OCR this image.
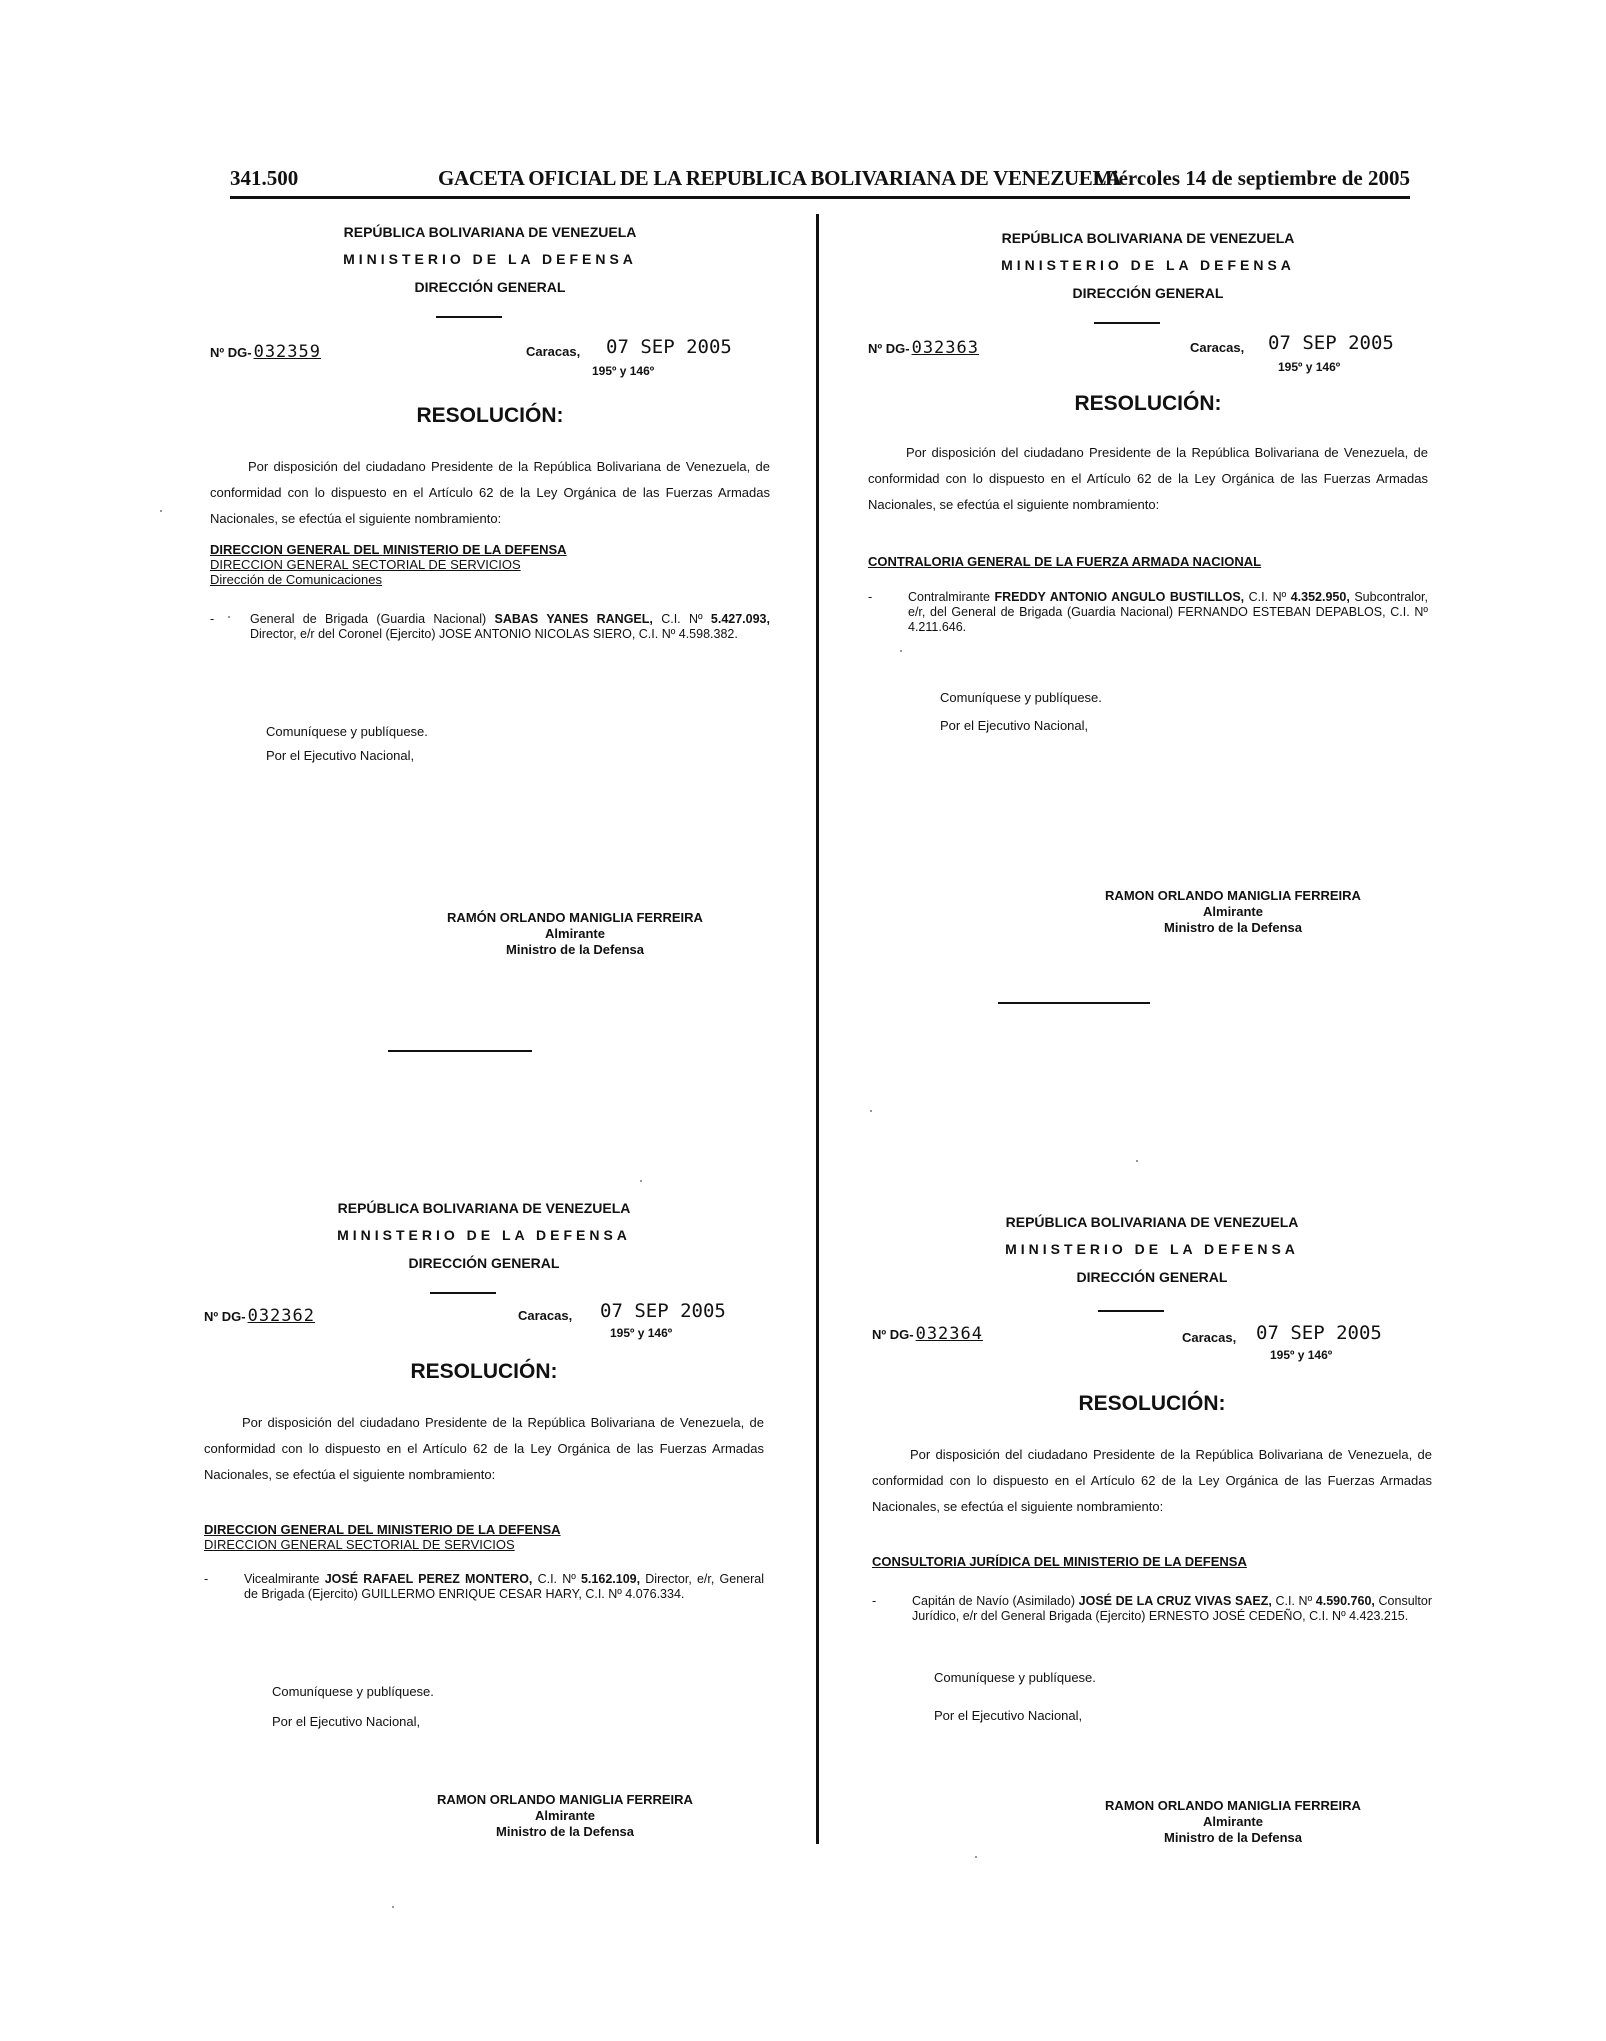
341.500	GACETA OFICIAL DE LA REPUBLICA BOLIVARIANA DE VENEZUELA
Miércoles 14 de septiembre de 2005
REPÚBLICA BOLIVARIANA DE VENEZUELA
MINISTERIO DE LA DEFENSA
DIRECCIÓN GENERAL
Nº DG- 032359	Caracas, 07 SEP 2005
195º y 146º
RESOLUCIÓN:
Por disposición del ciudadano Presidente de la República Bolivariana de Venezuela, de conformidad con lo dispuesto en el Artículo 62 de la Ley Orgánica de las Fuerzas Armadas Nacionales, se efectúa el siguiente nombramiento:
DIRECCION GENERAL DEL MINISTERIO DE LA DEFENSA
DIRECCION GENERAL SECTORIAL DE SERVICIOS
Dirección de Comunicaciones
-	General de Brigada (Guardia Nacional) SABAS YANES RANGEL, C.I. Nº 5.427.093, Director, e/r del Coronel (Ejercito) JOSE ANTONIO NICOLAS SIERO, C.I. Nº 4.598.382.
Comuníquese y publíquese.
Por el Ejecutivo Nacional,
RAMÓN ORLANDO MANIGLIA FERREIRA
Almirante
Ministro de la Defensa
REPÚBLICA BOLIVARIANA DE VENEZUELA
MINISTERIO DE LA DEFENSA
DIRECCIÓN GENERAL
Nº DG- 032363	Caracas, 07 SEP 2005
195º y 146º
RESOLUCIÓN:
Por disposición del ciudadano Presidente de la República Bolivariana de Venezuela, de conformidad con lo dispuesto en el Artículo 62 de la Ley Orgánica de las Fuerzas Armadas Nacionales, se efectúa el siguiente nombramiento:
CONTRALORIA GENERAL DE LA FUERZA ARMADA NACIONAL
-	Contralmirante FREDDY ANTONIO ANGULO BUSTILLOS, C.I. Nº 4.352.950, Subcontralor, e/r, del General de Brigada (Guardia Nacional) FERNANDO ESTEBAN DEPABLOS, C.I. Nº 4.211.646.
Comuníquese y publíquese.
Por el Ejecutivo Nacional,
RAMON ORLANDO MANIGLIA FERREIRA
Almirante
Ministro de la Defensa
REPÚBLICA BOLIVARIANA DE VENEZUELA
MINISTERIO DE LA DEFENSA
DIRECCIÓN GENERAL
Nº DG- 032362	Caracas, 07 SEP 2005
195º y 146º
RESOLUCIÓN:
Por disposición del ciudadano Presidente de la República Bolivariana de Venezuela, de conformidad con lo dispuesto en el Artículo 62 de la Ley Orgánica de las Fuerzas Armadas Nacionales, se efectúa el siguiente nombramiento:
DIRECCION GENERAL DEL MINISTERIO DE LA DEFENSA
DIRECCION GENERAL SECTORIAL DE SERVICIOS
-	Vicealmirante JOSÉ RAFAEL PEREZ MONTERO, C.I. Nº 5.162.109, Director, e/r, General de Brigada (Ejercito) GUILLERMO ENRIQUE CESAR HARY, C.I. Nº 4.076.334.
Comuníquese y publíquese.
Por el Ejecutivo Nacional,
RAMON ORLANDO MANIGLIA FERREIRA
Almirante
Ministro de la Defensa
REPÚBLICA BOLIVARIANA DE VENEZUELA
MINISTERIO DE LA DEFENSA
DIRECCIÓN GENERAL
Nº DG- 032364	Caracas, 07 SEP 2005
195º y 146º
RESOLUCIÓN:
Por disposición del ciudadano Presidente de la República Bolivariana de Venezuela, de conformidad con lo dispuesto en el Artículo 62 de la Ley Orgánica de las Fuerzas Armadas Nacionales, se efectúa el siguiente nombramiento:
CONSULTORIA JURÍDICA DEL MINISTERIO DE LA DEFENSA
-	Capitán de Navío (Asimilado) JOSÉ DE LA CRUZ VIVAS SAEZ, C.I. Nº 4.590.760, Consultor Jurídico, e/r del General Brigada (Ejercito) ERNESTO JOSÉ CEDEÑO, C.I. Nº 4.423.215.
Comuníquese y publíquese.
Por el Ejecutivo Nacional,
RAMON ORLANDO MANIGLIA FERREIRA
Almirante
Ministro de la Defensa
